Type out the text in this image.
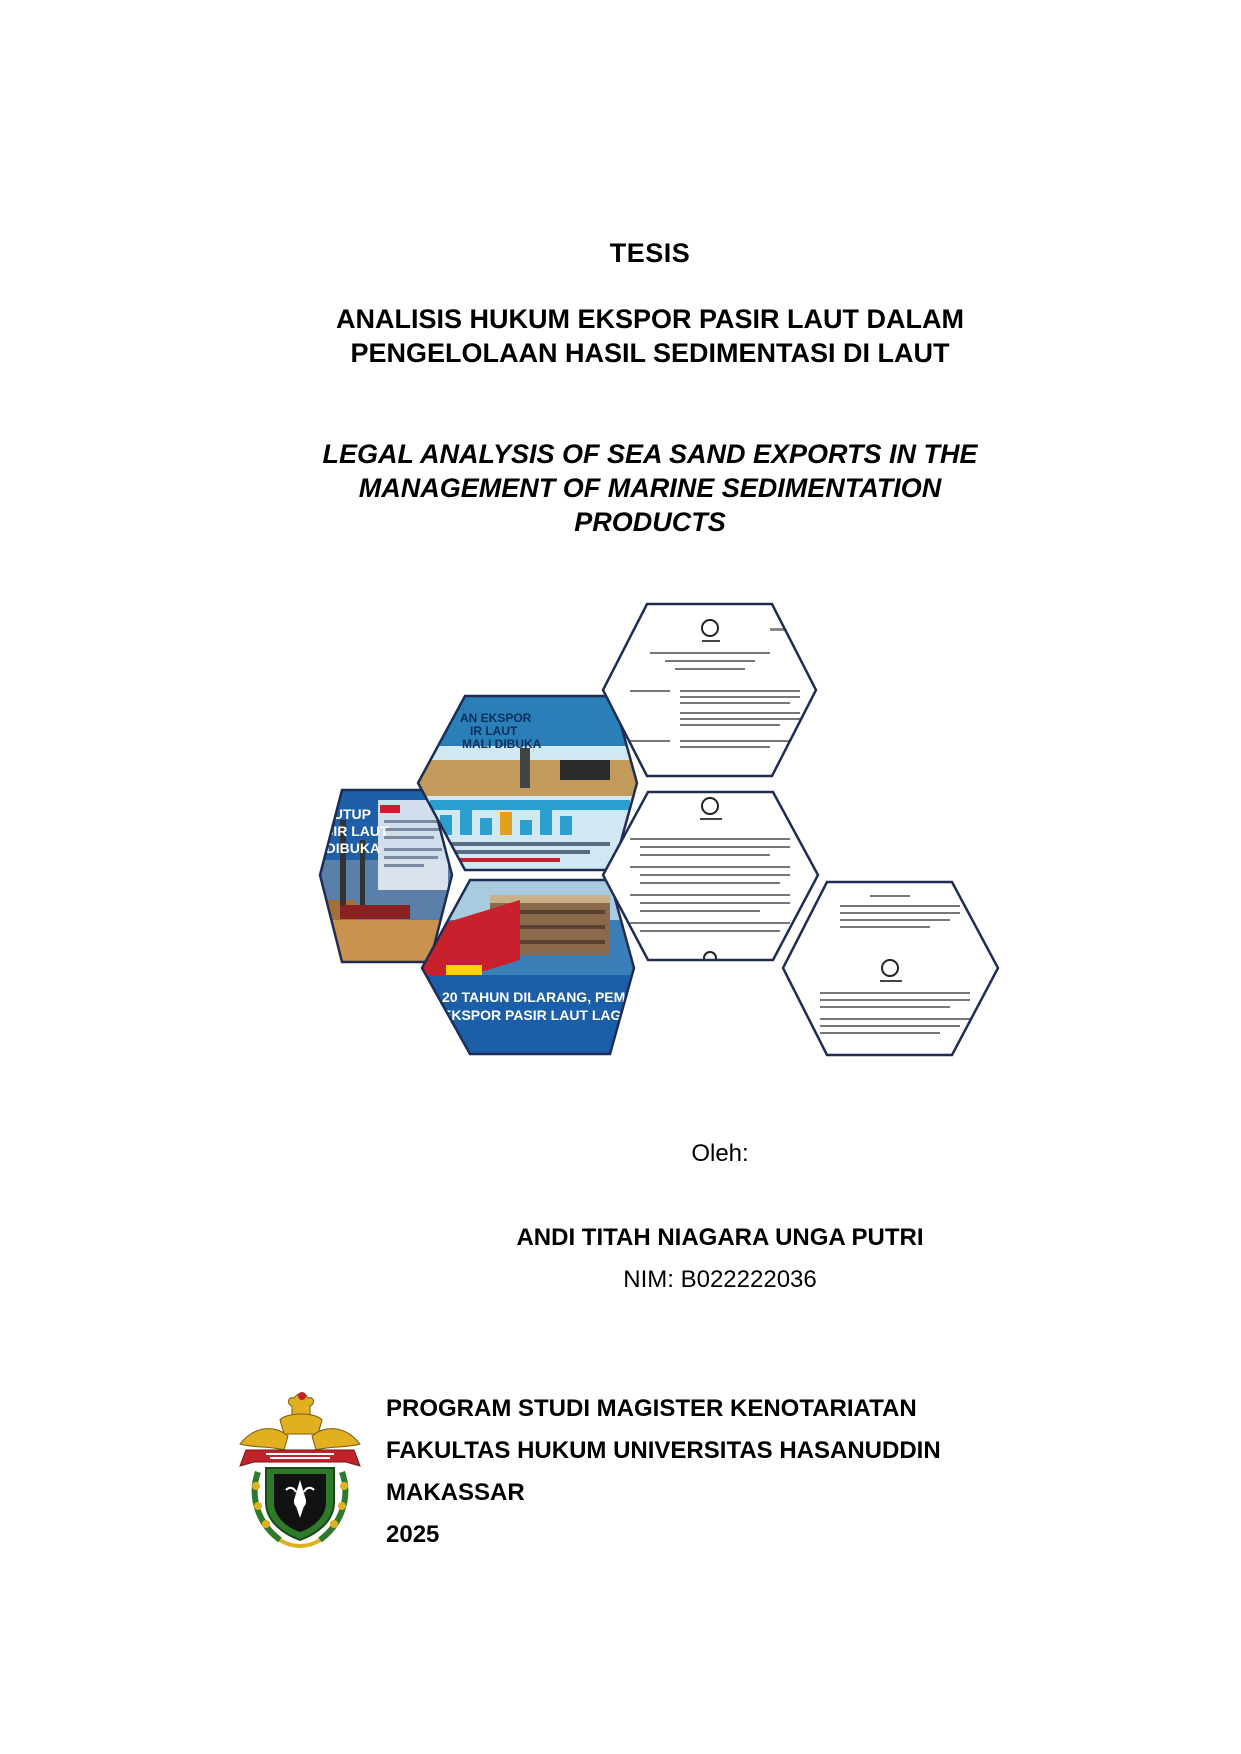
TESIS
ANALISIS HUKUM EKSPOR PASIR LAUT DALAM
PENGELOLAAN HASIL SEDIMENTASI DI LAUT
LEGAL ANALYSIS OF SEA SAND EXPORTS IN THE
MANAGEMENT OF MARINE SEDIMENTATION
PRODUCTS
AHUN DITUTUP
SPOR PASIR LAUT
KEMBALI DIBUKA
AN EKSPOR
IR LAUT
MALI DIBUKA
20 TAHUN DILARANG, PEMERIN
EKSPOR PASIR LAUT LAGI
Oleh:
ANDI TITAH NIAGARA UNGA PUTRI
NIM: B022222036
PROGRAM STUDI MAGISTER KENOTARIATAN
FAKULTAS HUKUM UNIVERSITAS HASANUDDIN
MAKASSAR
2025
